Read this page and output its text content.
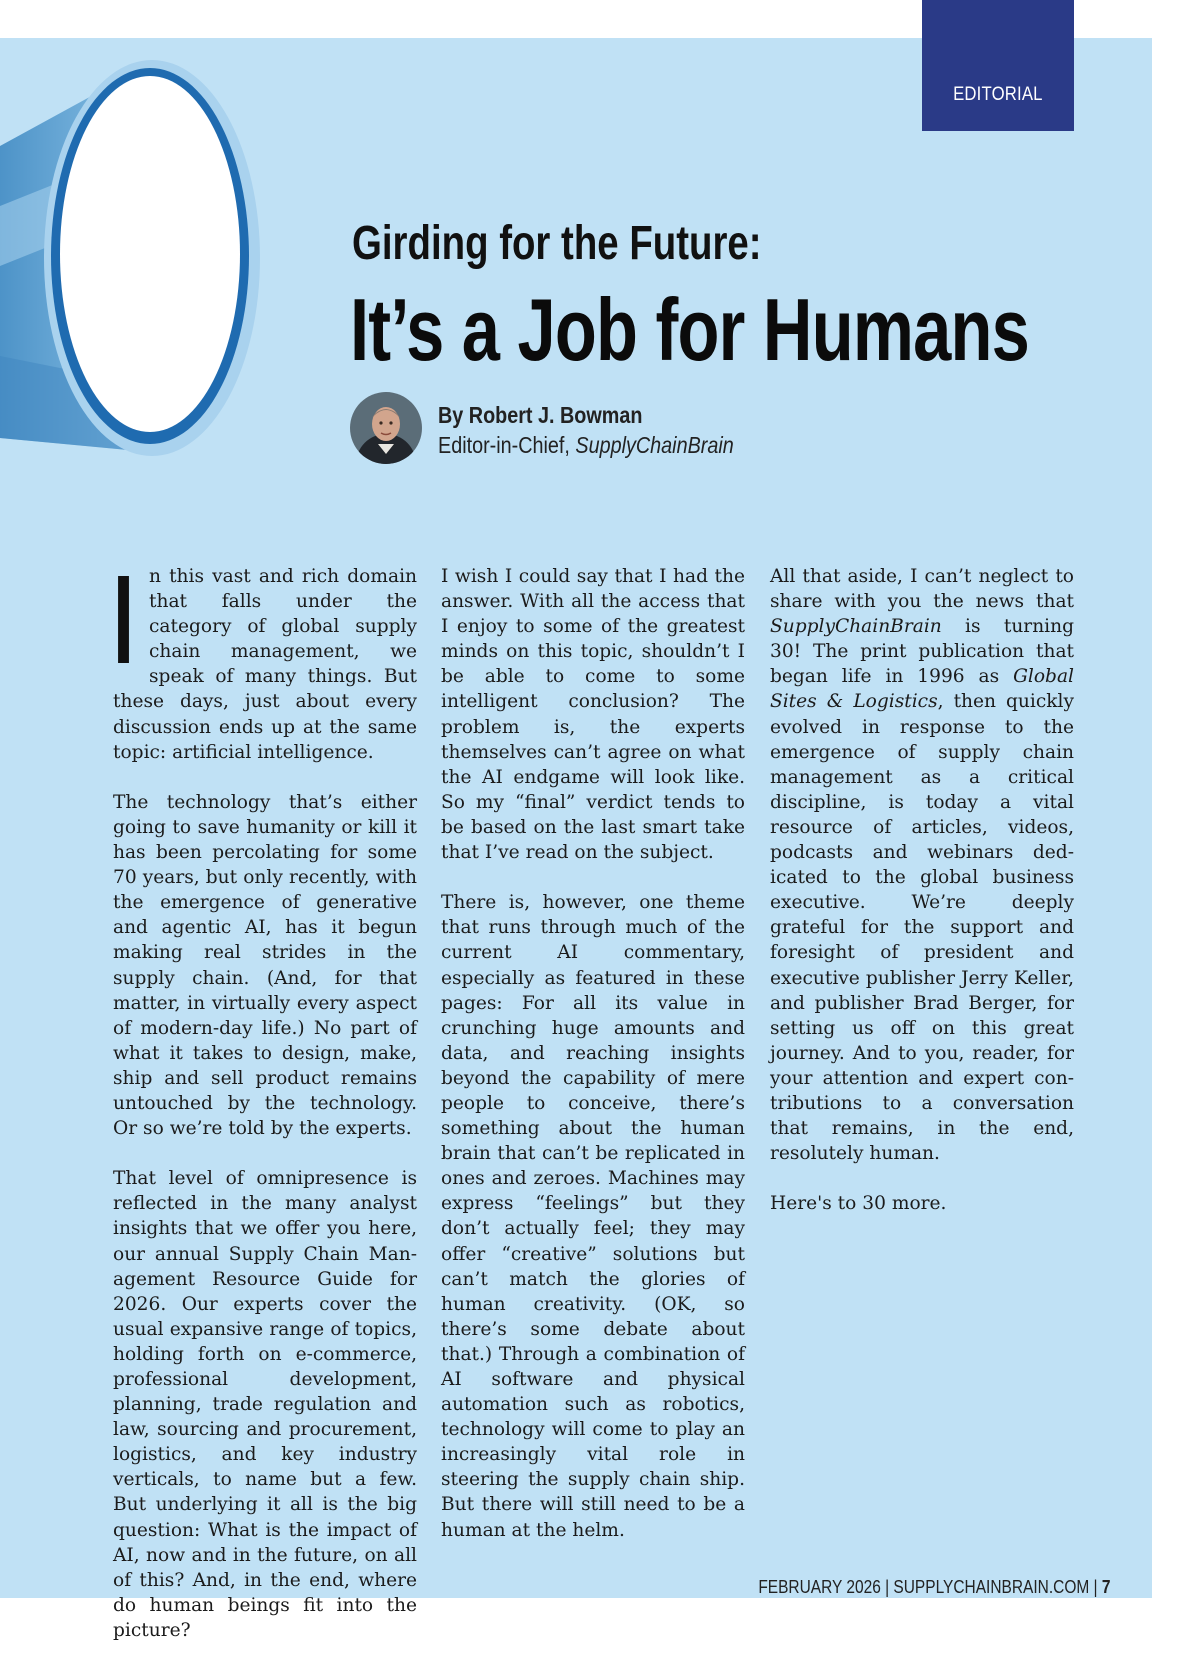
EDITORIAL
Girding for the Future:
It’s a Job for Humans
By Robert J. Bowman
Editor-in-Chief, SupplyChainBrain

In this vast and rich domain that falls under the category of global supply chain management, we speak of many things. But these days, just about every discussion ends up at the same topic: artificial intelligence.

The technology that’s either going to save humanity or kill it has been percolating for some 70 years, but only recently, with the emergence of generative and agentic AI, has it begun making real strides in the supply chain. (And, for that matter, in virtually every aspect of modern-day life.) No part of what it takes to design, make, ship and sell product remains untouched by the technology. Or so we’re told by the experts.

That level of omnipresence is reflected in the many analyst insights that we offer you here, our annual Supply Chain Management Resource Guide for 2026. Our experts cover the usual expansive range of topics, holding forth on e-commerce, professional development, planning, trade regulation and law, sourcing and procurement, logistics, and key industry verticals, to name but a few. But underlying it all is the big question: What is the impact of AI, now and in the future, on all of this? And, in the end, where do human beings fit into the picture?

I wish I could say that I had the answer. With all the access that I enjoy to some of the greatest minds on this topic, shouldn’t I be able to come to some intelligent conclusion? The problem is, the experts themselves can’t agree on what the AI endgame will look like. So my “final” verdict tends to be based on the last smart take that I’ve read on the subject.

There is, however, one theme that runs through much of the current AI commentary, especially as featured in these pages: For all its value in crunching huge amounts and data, and reaching insights beyond the capability of mere people to conceive, there’s something about the human brain that can’t be replicated in ones and zeroes. Machines may express “feelings” but they don’t actually feel; they may offer “creative” solutions but can’t match the glories of human creativity. (OK, so there’s some debate about that.) Through a combination of AI software and physical automation such as robotics, technology will come to play an increasingly vital role in steering the supply chain ship. But there will still need to be a human at the helm.

All that aside, I can’t neglect to share with you the news that SupplyChainBrain is turning 30! The print publication that began life in 1996 as Global Sites & Logistics, then quickly evolved in response to the emergence of supply chain management as a critical discipline, is today a vital resource of articles, videos, podcasts and webinars dedicated to the global business executive. We’re deeply grateful for the support and foresight of president and executive publisher Jerry Keller, and publisher Brad Berger, for setting us off on this great journey. And to you, reader, for your attention and expert contributions to a conversation that remains, in the end, resolutely human.

Here's to 30 more.

FEBRUARY 2026 | SUPPLYCHAINBRAIN.COM | 7
